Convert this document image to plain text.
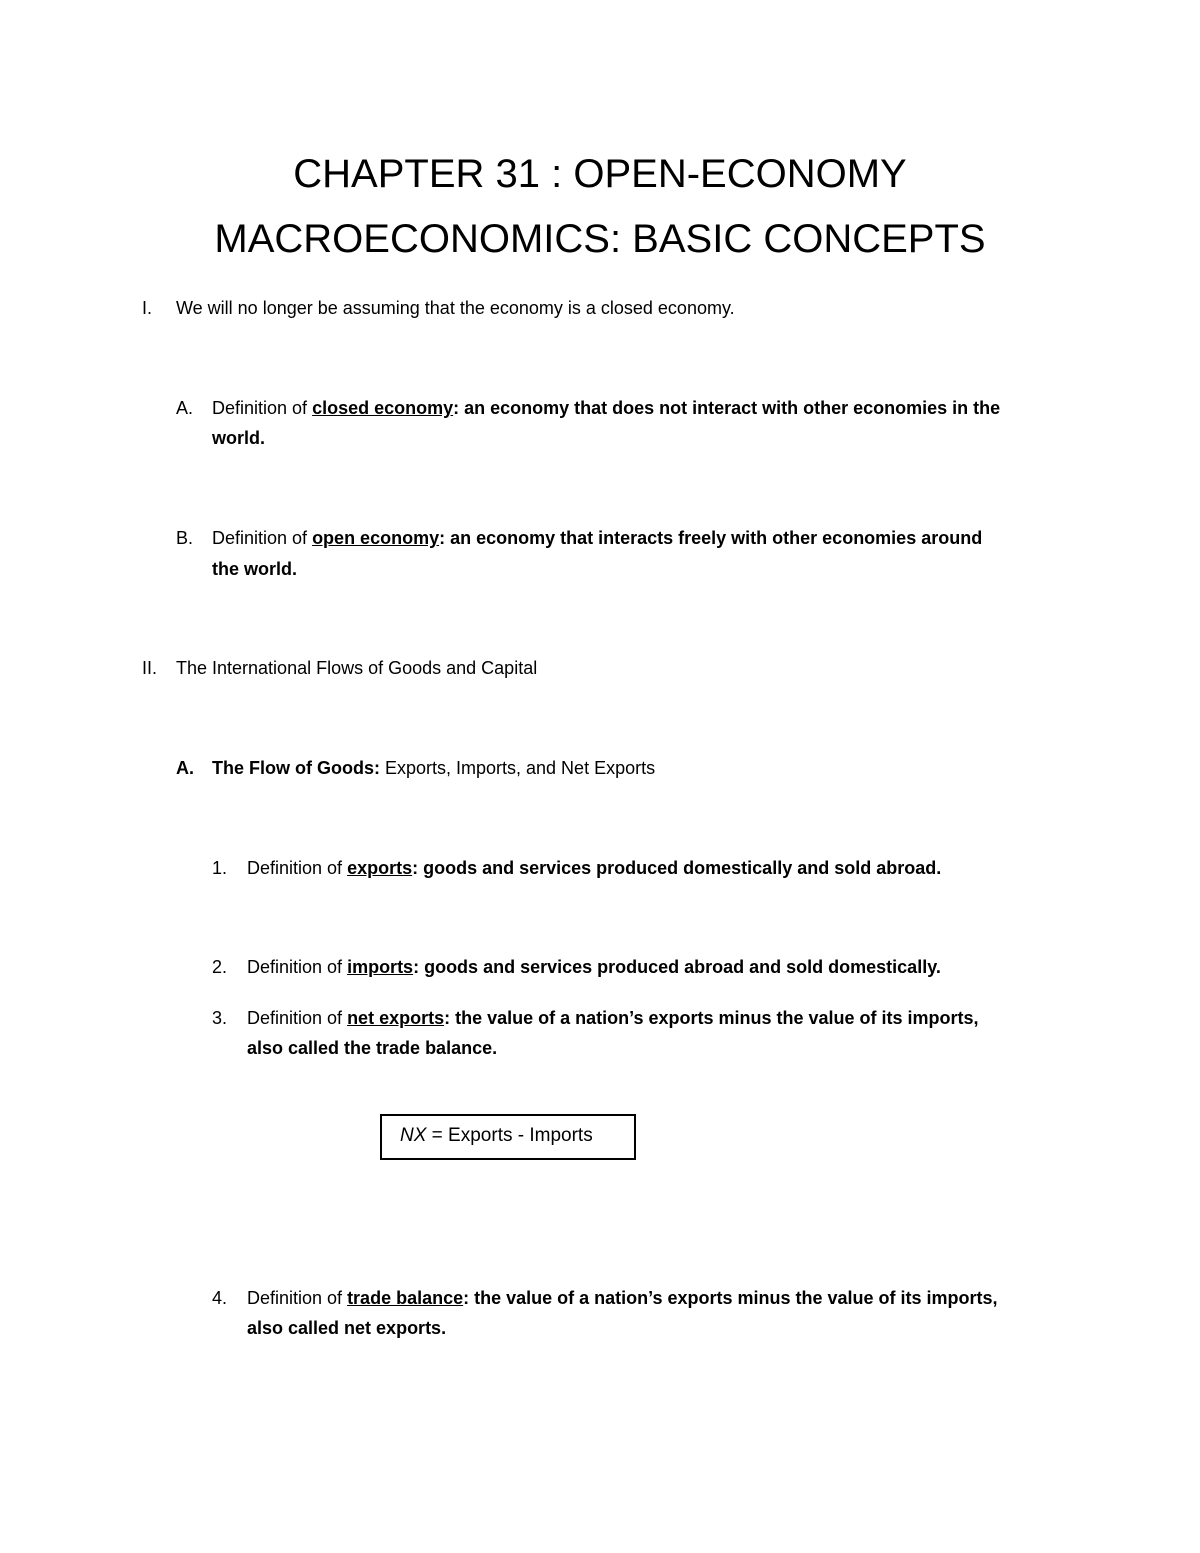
CHAPTER 31 : OPEN-ECONOMY
MACROECONOMICS: BASIC CONCEPTS
I. We will no longer be assuming that the economy is a closed economy.
A. Definition of closed economy: an economy that does not interact with other economies in the
world.
B. Definition of open economy: an economy that interacts freely with other economies around
the world.
II. The International Flows of Goods and Capital
A. The Flow of Goods: Exports, Imports, and Net Exports
1. Definition of exports: goods and services produced domestically and sold abroad.
2. Definition of imports: goods and services produced abroad and sold domestically.
3. Definition of net exports: the value of a nation’s exports minus the value of its imports,
also called the trade balance.
NX = Exports - Imports
4. Definition of trade balance: the value of a nation’s exports minus the value of its imports,
also called net exports.
